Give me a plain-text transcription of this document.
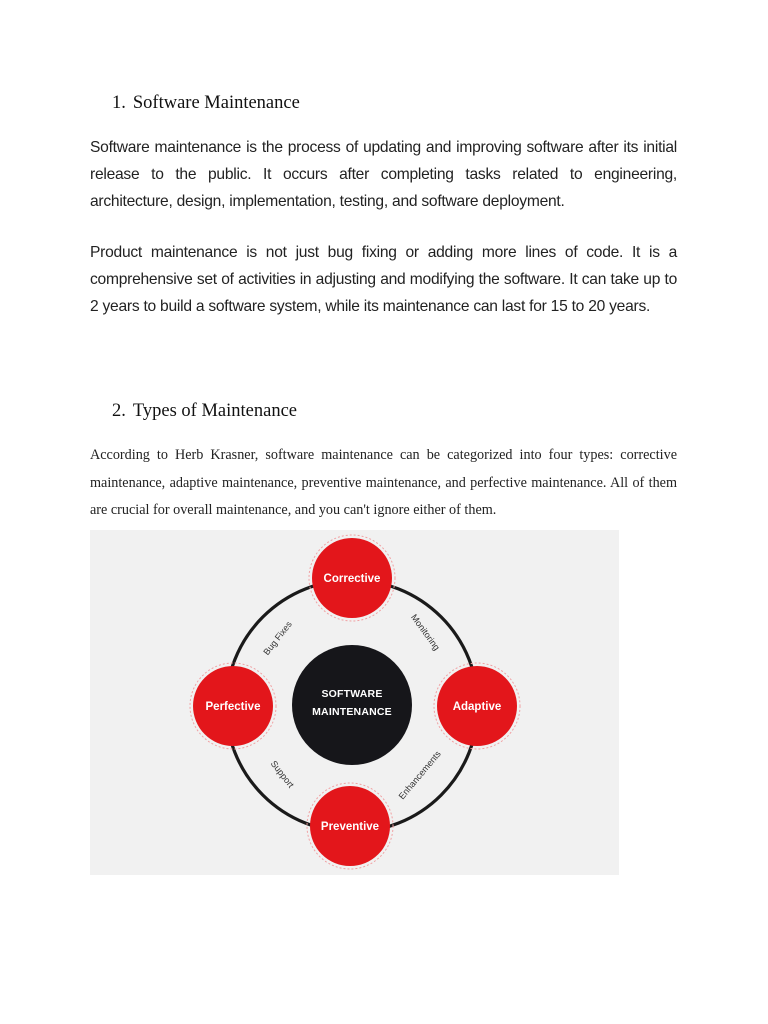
1. Software Maintenance

Software maintenance is the process of updating and improving software after its initial release to the public. It occurs after completing tasks related to engineering, architecture, design, implementation, testing, and software deployment.

Product maintenance is not just bug fixing or adding more lines of code. It is a comprehensive set of activities in adjusting and modifying the software. It can take up to 2 years to build a software system, while its maintenance can last for 15 to 20 years.

2. Types of Maintenance

According to Herb Krasner, software maintenance can be categorized into four types: corrective maintenance, adaptive maintenance, preventive maintenance, and perfective maintenance. All of them are crucial for overall maintenance, and you can't ignore either of them.

SOFTWARE
MAINTENANCE
Corrective
Adaptive
Preventive
Perfective
Bug Fixes	Monitoring
Enhancements
Support
